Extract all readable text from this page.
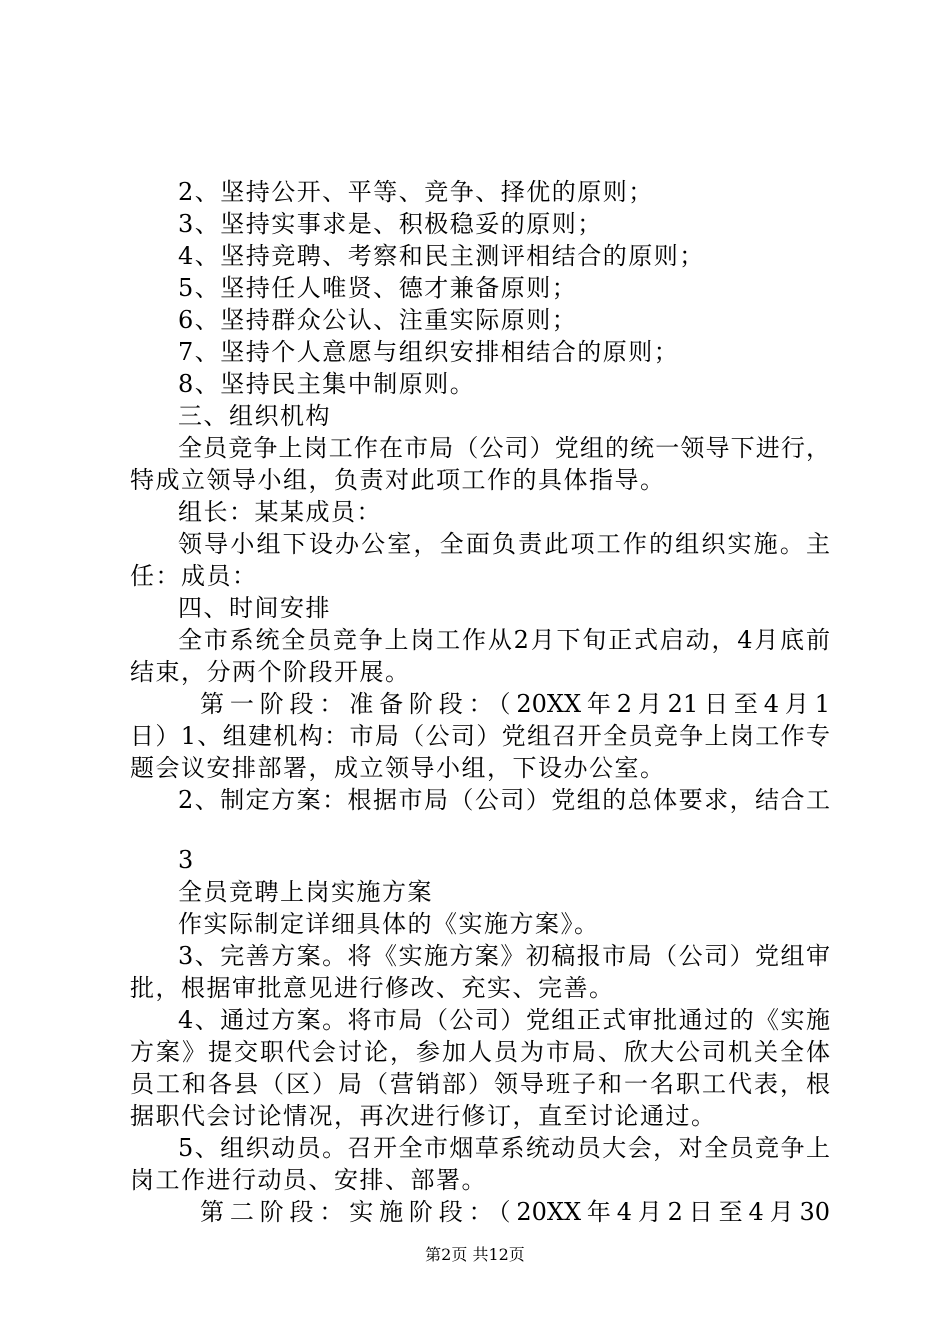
2、坚持公开、平等、竞争、择优的原则；
3、坚持实事求是、积极稳妥的原则；
4、坚持竞聘、考察和民主测评相结合的原则；
5、坚持任人唯贤、德才兼备原则；
6、坚持群众公认、注重实际原则；
7、坚持个人意愿与组织安排相结合的原则；
8、坚持民主集中制原则。
三、组织机构
全员竞争上岗工作在市局（公司）党组的统一领导下进行，
特成立领导小组，负责对此项工作的具体指导。
组长：某某成员：
领导小组下设办公室，全面负责此项工作的组织实施。主
任：成员：
四、时间安排
全市系统全员竞争上岗工作从2月下旬正式启动，4月底前
结束，分两个阶段开展。
第一阶段：准备阶段：（20XX年2月21日至4月1
日）1、组建机构：市局（公司）党组召开全员竞争上岗工作专
题会议安排部署，成立领导小组，下设办公室。
2、制定方案：根据市局（公司）党组的总体要求，结合工
3
全员竞聘上岗实施方案
作实际制定详细具体的《实施方案》。
3、完善方案。将《实施方案》初稿报市局（公司）党组审
批，根据审批意见进行修改、充实、完善。
4、通过方案。将市局（公司）党组正式审批通过的《实施
方案》提交职代会讨论，参加人员为市局、欣大公司机关全体
员工和各县（区）局（营销部）领导班子和一名职工代表，根
据职代会讨论情况，再次进行修订，直至讨论通过。
5、组织动员。召开全市烟草系统动员大会，对全员竞争上
岗工作进行动员、安排、部署。
第二阶段：实施阶段：（20XX年4月2日至4月30
第2页 共12页
